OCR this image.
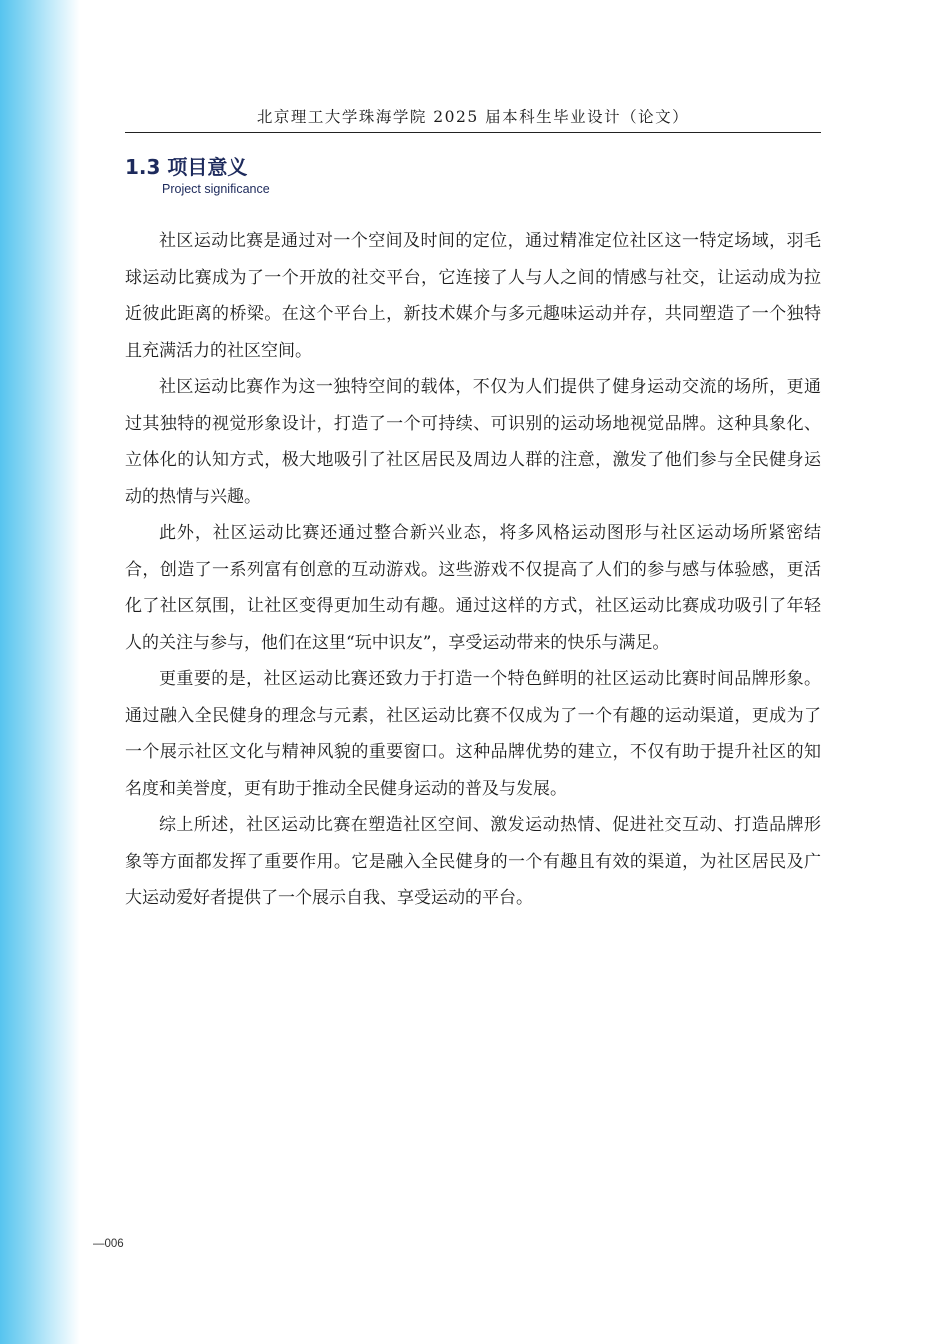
北京理工大学珠海学院 2025 届本科生毕业设计（论文）
1.3 项目意义
Project significance

社区运动比赛是通过对一个空间及时间的定位，通过精准定位社区这一特定场域，羽毛球运动比赛成为了一个开放的社交平台，它连接了人与人之间的情感与社交，让运动成为拉近彼此距离的桥梁。在这个平台上，新技术媒介与多元趣味运动并存，共同塑造了一个独特且充满活力的社区空间。

社区运动比赛作为这一独特空间的载体，不仅为人们提供了健身运动交流的场所，更通过其独特的视觉形象设计，打造了一个可持续、可识别的运动场地视觉品牌。这种具象化、立体化的认知方式，极大地吸引了社区居民及周边人群的注意，激发了他们参与全民健身运动的热情与兴趣。

此外，社区运动比赛还通过整合新兴业态，将多风格运动图形与社区运动场所紧密结合，创造了一系列富有创意的互动游戏。这些游戏不仅提高了人们的参与感与体验感，更活化了社区氛围，让社区变得更加生动有趣。通过这样的方式，社区运动比赛成功吸引了年轻人的关注与参与，他们在这里“玩中识友”，享受运动带来的快乐与满足。

更重要的是，社区运动比赛还致力于打造一个特色鲜明的社区运动比赛时间品牌形象。通过融入全民健身的理念与元素，社区运动比赛不仅成为了一个有趣的运动渠道，更成为了一个展示社区文化与精神风貌的重要窗口。这种品牌优势的建立，不仅有助于提升社区的知名度和美誉度，更有助于推动全民健身运动的普及与发展。

综上所述，社区运动比赛在塑造社区空间、激发运动热情、促进社交互动、打造品牌形象等方面都发挥了重要作用。它是融入全民健身的一个有趣且有效的渠道，为社区居民及广大运动爱好者提供了一个展示自我、享受运动的平台。

—006
